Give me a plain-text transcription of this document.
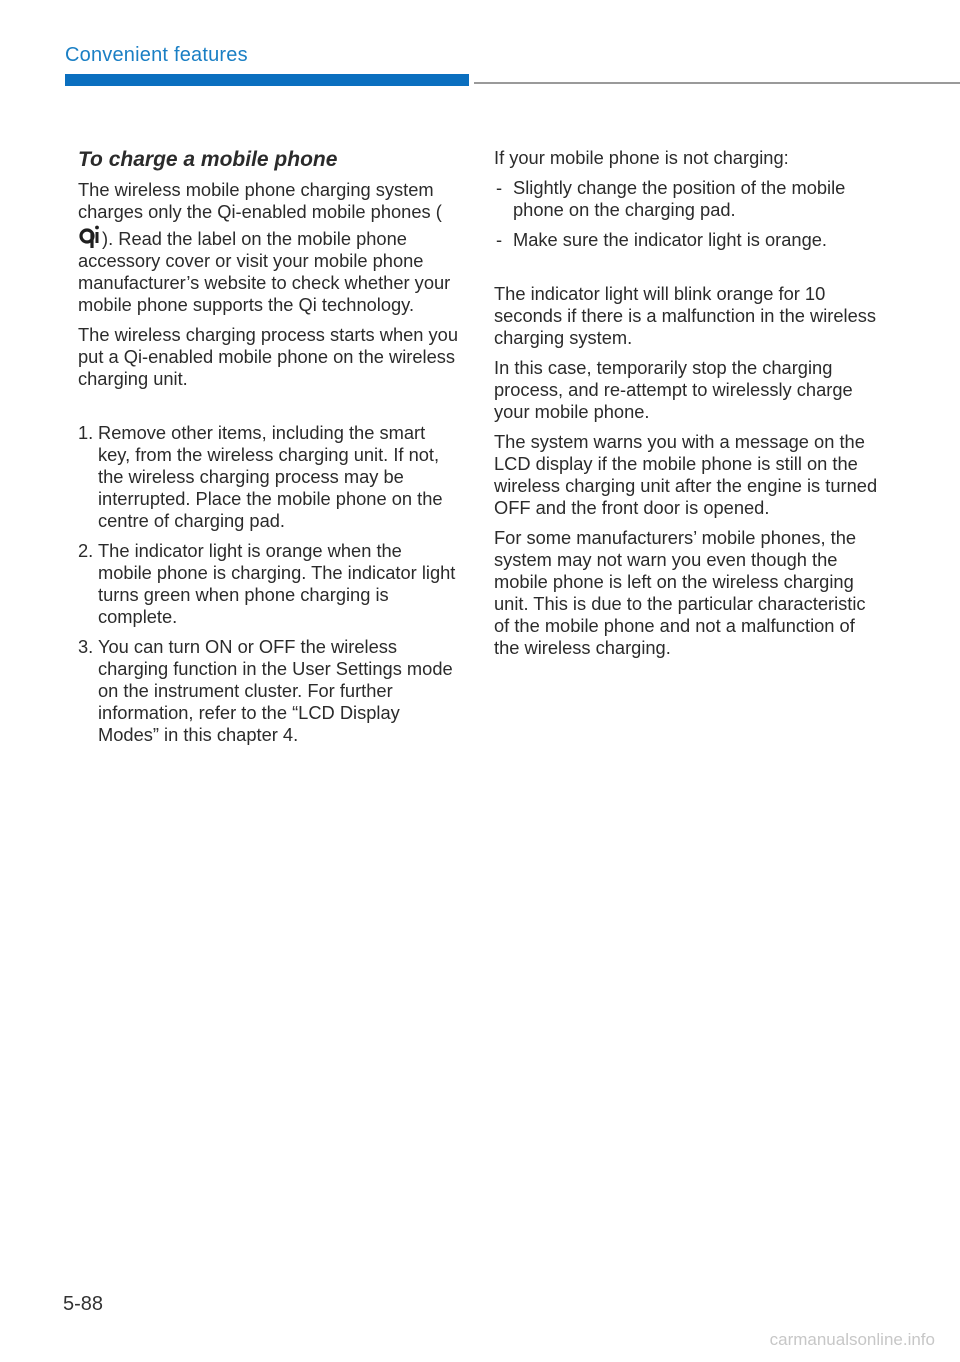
Convenient features
To charge a mobile phone

The wireless mobile phone charging system charges only the Qi-enabled mobile phones (). Read the label on the mobile phone accessory cover or visit your mobile phone manufacturer’s website to check whether your mobile phone supports the Qi technology.

The wireless charging process starts when you put a Qi-enabled mobile phone on the wireless charging unit.

1. Remove other items, including the smart key, from the wireless charging unit. If not, the wireless charging process may be interrupted. Place the mobile phone on the centre of charging pad.
2. The indicator light is orange when the mobile phone is charging. The indicator light turns green when phone charging is complete.
3. You can turn ON or OFF the wireless charging function in the User Settings mode on the instrument cluster. For further information, refer to the “LCD Display Modes” in this chapter 4.

If your mobile phone is not charging:

- Slightly change the position of the mobile phone on the charging pad.
- Make sure the indicator light is orange.

The indicator light will blink orange for 10 seconds if there is a malfunction in the wireless charging system.

In this case, temporarily stop the charging process, and re-attempt to wirelessly charge your mobile phone.

The system warns you with a message on the LCD display if the mobile phone is still on the wireless charging unit after the engine is turned OFF and the front door is opened.

For some manufacturers’ mobile phones, the system may not warn you even though the mobile phone is left on the wireless charging unit. This is due to the particular characteristic of the mobile phone and not a malfunction of the wireless charging.

5-88
carmanualsonline.info
